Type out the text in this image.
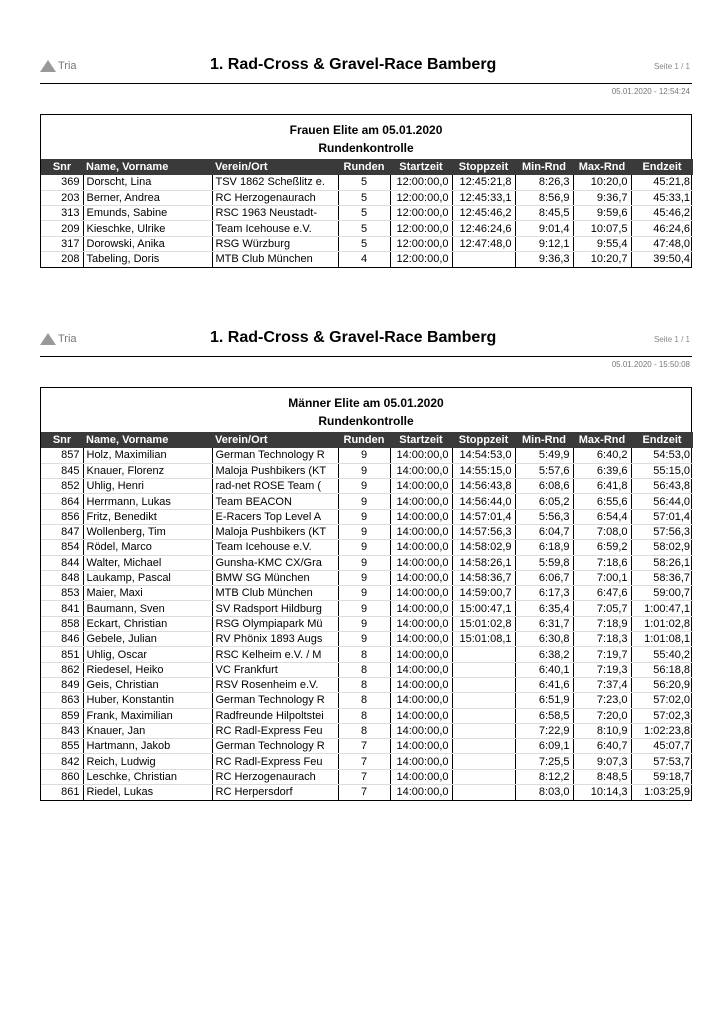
Tria	1. Rad-Cross & Gravel-Race Bamberg	Seite 1 / 1
05.01.2020 - 12:54:24
Frauen Elite am 05.01.2020
Rundenkontrolle
Snr	Name, Vorname	Verein/Ort	Runden	Startzeit	Stoppzeit	Min-Rnd	Max-Rnd	Endzeit
369	Dorscht, Lina	TSV 1862 Scheßlitz e.	5	12:00:00,0	12:45:21,8	8:26,3	10:20,0	45:21,8
203	Berner, Andrea	RC Herzogenaurach	5	12:00:00,0	12:45:33,1	8:56,9	9:36,7	45:33,1
313	Emunds, Sabine	RSC 1963 Neustadt-	5	12:00:00,0	12:45:46,2	8:45,5	9:59,6	45:46,2
209	Kieschke, Ulrike	Team Icehouse e.V.	5	12:00:00,0	12:46:24,6	9:01,4	10:07,5	46:24,6
317	Dorowski, Anika	RSG Würzburg	5	12:00:00,0	12:47:48,0	9:12,1	9:55,4	47:48,0
208	Tabeling, Doris	MTB Club München	4	12:00:00,0		9:36,3	10:20,7	39:50,4
Tria	1. Rad-Cross & Gravel-Race Bamberg	Seite 1 / 1
05.01.2020 - 15:50:08
Männer Elite am 05.01.2020
Rundenkontrolle
Snr	Name, Vorname	Verein/Ort	Runden	Startzeit	Stoppzeit	Min-Rnd	Max-Rnd	Endzeit
857	Holz, Maximilian	German Technology R	9	14:00:00,0	14:54:53,0	5:49,9	6:40,2	54:53,0
845	Knauer, Florenz	Maloja Pushbikers (KT	9	14:00:00,0	14:55:15,0	5:57,6	6:39,6	55:15,0
852	Uhlig, Henri	rad-net ROSE Team (	9	14:00:00,0	14:56:43,8	6:08,6	6:41,8	56:43,8
864	Herrmann, Lukas	Team BEACON	9	14:00:00,0	14:56:44,0	6:05,2	6:55,6	56:44,0
856	Fritz, Benedikt	E-Racers Top Level A	9	14:00:00,0	14:57:01,4	5:56,3	6:54,4	57:01,4
847	Wollenberg, Tim	Maloja Pushbikers (KT	9	14:00:00,0	14:57:56,3	6:04,7	7:08,0	57:56,3
854	Rödel, Marco	Team Icehouse e.V.	9	14:00:00,0	14:58:02,9	6:18,9	6:59,2	58:02,9
844	Walter, Michael	Gunsha-KMC CX/Gra	9	14:00:00,0	14:58:26,1	5:59,8	7:18,6	58:26,1
848	Laukamp, Pascal	BMW SG München	9	14:00:00,0	14:58:36,7	6:06,7	7:00,1	58:36,7
853	Maier, Maxi	MTB Club München	9	14:00:00,0	14:59:00,7	6:17,3	6:47,6	59:00,7
841	Baumann, Sven	SV Radsport Hildburg	9	14:00:00,0	15:00:47,1	6:35,4	7:05,7	1:00:47,1
858	Eckart, Christian	RSG Olympiapark Mü	9	14:00:00,0	15:01:02,8	6:31,7	7:18,9	1:01:02,8
846	Gebele, Julian	RV Phönix 1893 Augs	9	14:00:00,0	15:01:08,1	6:30,8	7:18,3	1:01:08,1
851	Uhlig, Oscar	RSC Kelheim e.V. / M	8	14:00:00,0		6:38,2	7:19,7	55:40,2
862	Riedesel, Heiko	VC Frankfurt	8	14:00:00,0		6:40,1	7:19,3	56:18,8
849	Geis, Christian	RSV Rosenheim e.V.	8	14:00:00,0		6:41,6	7:37,4	56:20,9
863	Huber, Konstantin	German Technology R	8	14:00:00,0		6:51,9	7:23,0	57:02,0
859	Frank, Maximilian	Radfreunde Hilpoltstei	8	14:00:00,0		6:58,5	7:20,0	57:02,3
843	Knauer, Jan	RC Radl-Express Feu	8	14:00:00,0		7:22,9	8:10,9	1:02:23,8
855	Hartmann, Jakob	German Technology R	7	14:00:00,0		6:09,1	6:40,7	45:07,7
842	Reich, Ludwig	RC Radl-Express Feu	7	14:00:00,0		7:25,5	9:07,3	57:53,7
860	Leschke, Christian	RC Herzogenaurach	7	14:00:00,0		8:12,2	8:48,5	59:18,7
861	Riedel, Lukas	RC Herpersdorf	7	14:00:00,0		8:03,0	10:14,3	1:03:25,9
